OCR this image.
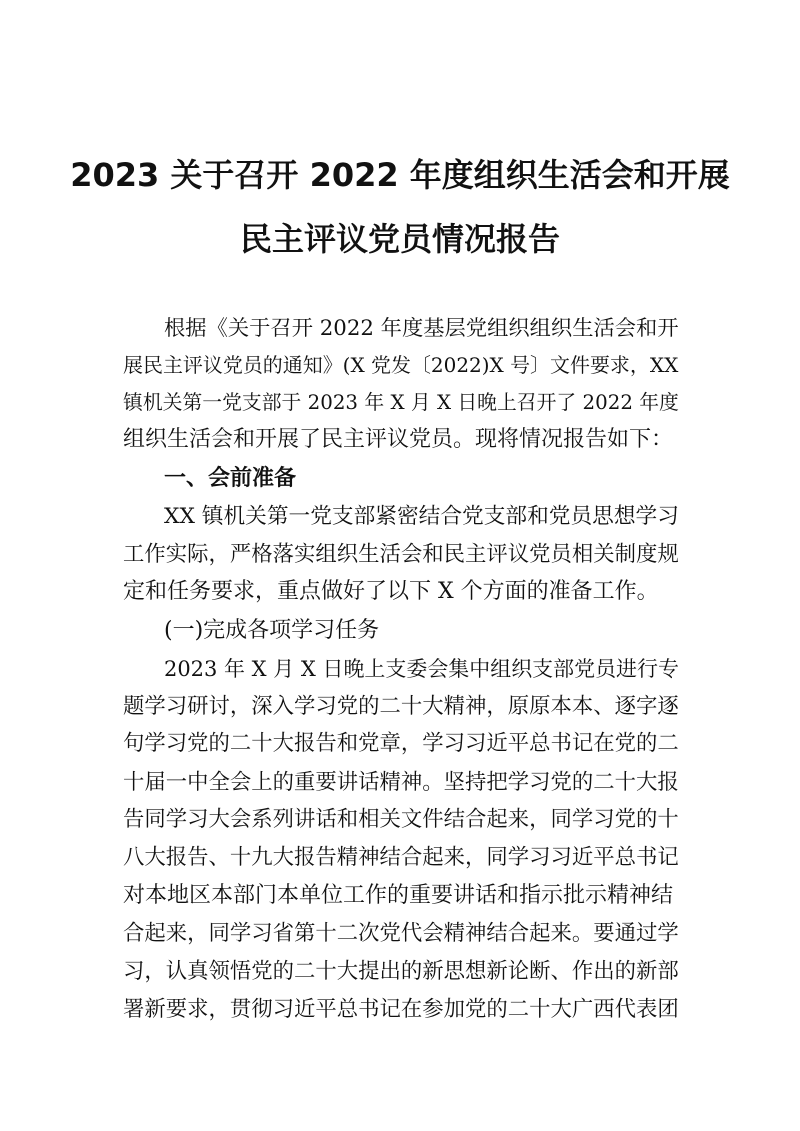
2023 关于召开 2022 年度组织生活会和开展
民主评议党员情况报告
根据《关于召开 2022 年度基层党组织组织生活会和开
展民主评议党员的通知》(X 党发〔2022)X 号〕文件要求，XX
镇机关第一党支部于 2023 年 X 月 X 日晚上召开了 2022 年度
组织生活会和开展了民主评议党员。现将情况报告如下：
一、会前准备
XX 镇机关第一党支部紧密结合党支部和党员思想学习
工作实际，严格落实组织生活会和民主评议党员相关制度规
定和任务要求，重点做好了以下 X 个方面的准备工作。
(一)完成各项学习任务
2023 年 X 月 X 日晚上支委会集中组织支部党员进行专
题学习研讨，深入学习党的二十大精神，原原本本、逐字逐
句学习党的二十大报告和党章，学习习近平总书记在党的二
十届一中全会上的重要讲话精神。坚持把学习党的二十大报
告同学习大会系列讲话和相关文件结合起来，同学习党的十
八大报告、十九大报告精神结合起来，同学习习近平总书记
对本地区本部门本单位工作的重要讲话和指示批示精神结
合起来，同学习省第十二次党代会精神结合起来。要通过学
习，认真领悟党的二十大提出的新思想新论断、作出的新部
署新要求，贯彻习近平总书记在参加党的二十大广西代表团
